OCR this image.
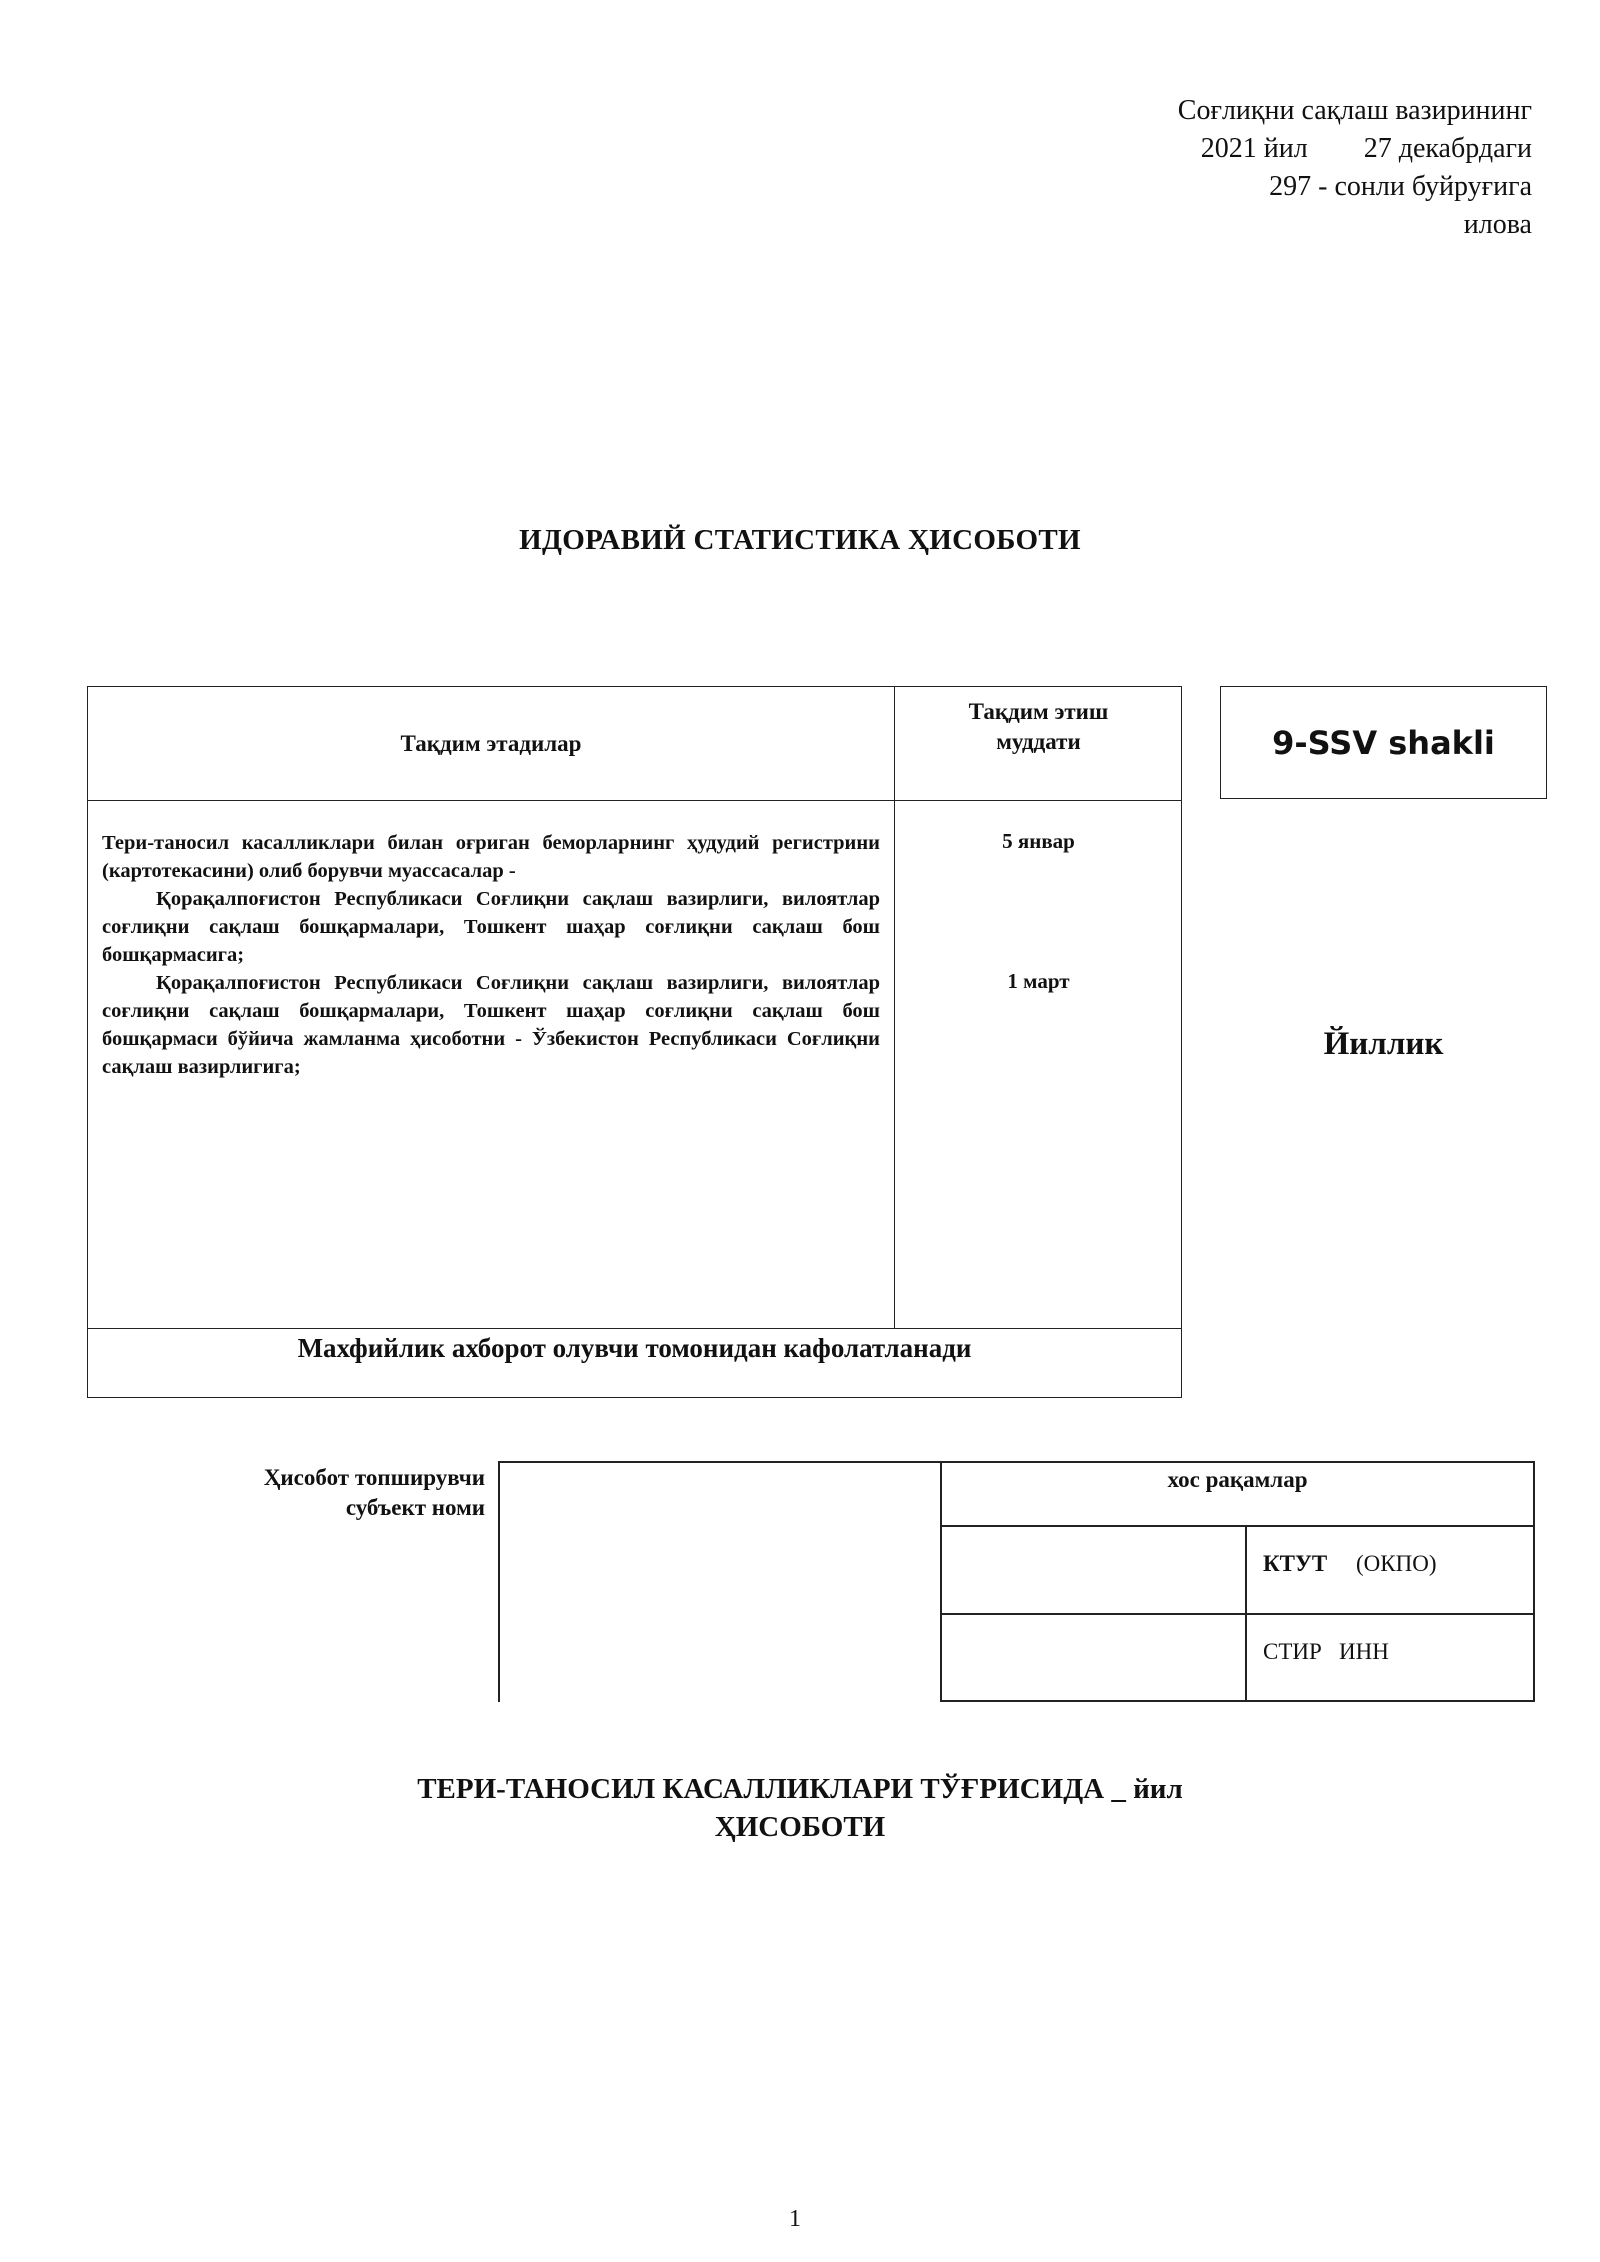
Соғлиқни сақлаш вазирининг
2021 йил        27 декабрдаги
297 - сонли буйруғига
илова
ИДОРАВИЙ СТАТИСТИКА ҲИСОБОТИ
Тақдим этадилар
Тақдим этиш
муддати

Тери-таносил касалликлари билан оғриган беморларнинг ҳудудий регистрини (картотекасини) олиб борувчи муассасалар -

Қорақалпоғистон Республикаси Соғлиқни сақлаш вазирлиги, вилоятлар соғлиқни сақлаш бошқармалари, Тошкент шаҳар соғлиқни сақлаш бош бошқармасига;

Қорақалпоғистон Республикаси Соғлиқни сақлаш вазирлиги, вилоятлар соғлиқни сақлаш бошқармалари, Тошкент шаҳар соғлиқни сақлаш бош бошқармаси бўйича жамланма ҳисоботни - Ўзбекистон Республикаси Соғлиқни сақлаш вазирлигига;

5 январ
1 март
Махфийлик ахборот олувчи томонидан кафолатланади
9-SSV shakli
Йиллик
Ҳисобот топширувчи
субъект номи
хос рақамлар
КТУТ     (ОКПО)
СТИР   ИНН
ТЕРИ-ТАНОСИЛ КАСАЛЛИКЛАРИ ТЎҒРИСИДА _ йил
ҲИСОБОТИ
1
